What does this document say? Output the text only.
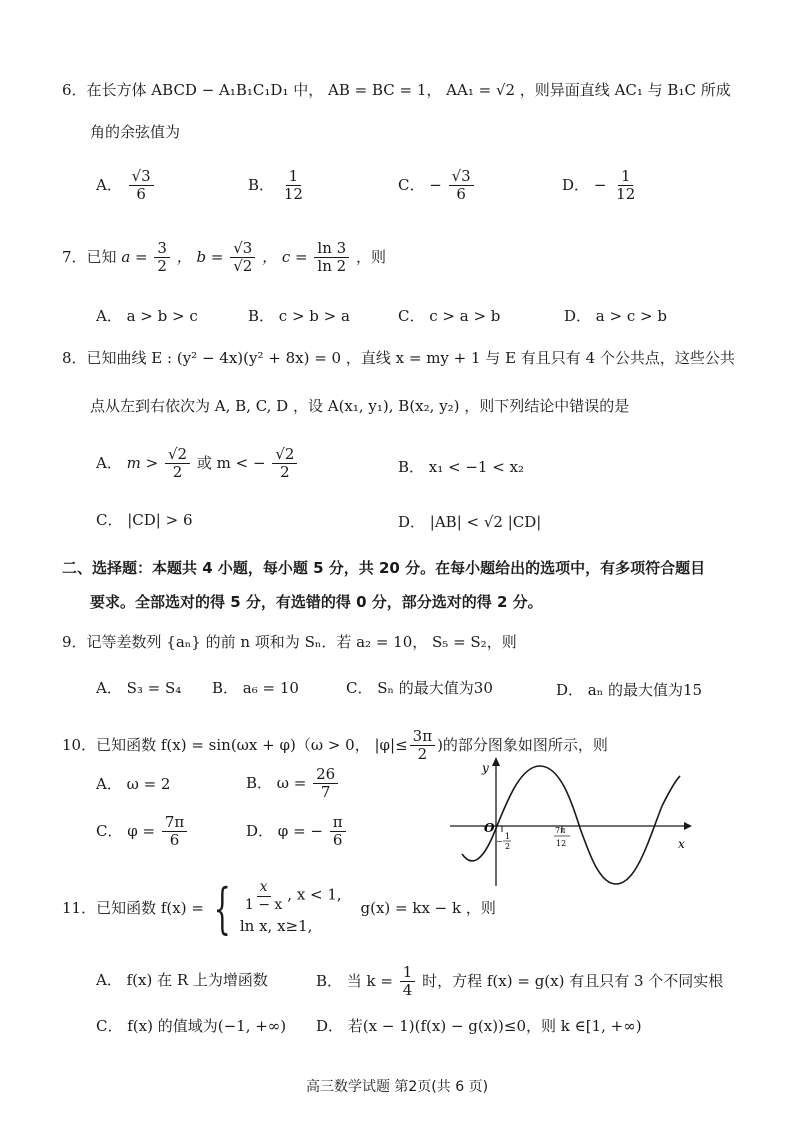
6．在长方体 ABCD − A₁B₁C₁D₁ 中， AB = BC = 1， AA₁ = √2 ，则异面直线 AC₁ 与 B₁C 所成
角的余弦值为
A． $\frac{√3}{6}$	B． $\frac{1}{12}$	C． − $\frac{√3}{6}$	D． − $\frac{1}{12}$
7．已知 $a = \frac{3}{2}$ ， $b = \frac{√3}{√2}$ ， $c = \frac{\ln 3}{\ln 2}$ ，则
A． a > b > c	B． c > b > a	C． c > a > b	D． a > c > b
8．已知曲线 E : (y² − 4x)(y² + 8x) = 0 ，直线 x = my + 1 与 E 有且只有 4 个公共点，这些公共
点从左到右依次为 A, B, C, D ，设 A(x₁, y₁), B(x₂, y₂) ，则下列结论中错误的是
A． $m > \frac{√2}{2}$ 或 m < − $\frac{√2}{2}$	B． x₁ < −1 < x₂
C． |CD| > 6	D． |AB| < √2 |CD|
二、选择题：本题共 4 小题，每小题 5 分，共 20 分。在每小题给出的选项中，有多项符合题目
要求。全部选对的得 5 分，有选错的得 0 分，部分选对的得 2 分。
9．记等差数列 {aₙ} 的前 n 项和为 Sₙ．若 a₂ = 10， S₅ = S₂，则
A． S₃ = S₄ B． a₆ = 10	C． Sₙ 的最大值为30	D． aₙ 的最大值为15
10．已知函数 f(x) = sin(ωx + φ)（ω > 0， $|\varphi|\le \frac{3\pi}{2}$ )的部分图象如图所示，则
A． ω = 2	B． $\omega = \frac{26}{7}$
C． $\varphi = \frac{7\pi}{6}$	D． φ = − $\frac{\pi}{6}$
y
x
O
−
1
2
7π
12
11．已知函数 f(x) = { $\frac{x}{1 - x}$ , x < 1,
ln x, x≥1,
g(x) = kx − k ，则
A． f(x) 在 R 上为增函数	B． 当 $k = \frac{1}{4}$ 时，方程 f(x) = g(x) 有且只有 3 个不同实根
C． f(x) 的值域为(−1, +∞) D． 若(x − 1)(f(x) − g(x))≤0，则 k ∈[1, +∞)
高三数学试题 第2页(共 6 页)
